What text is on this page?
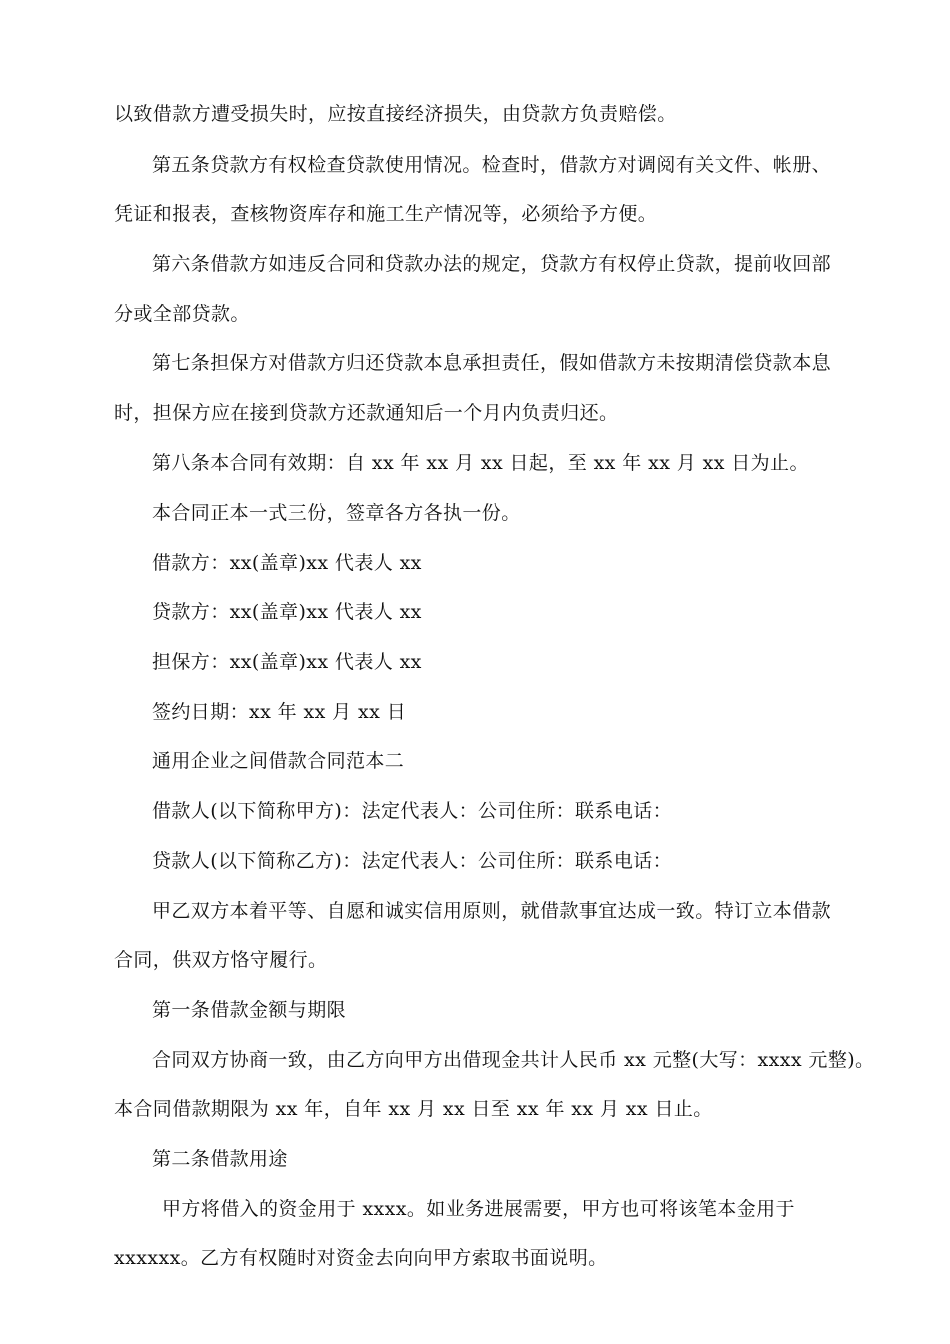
以致借款方遭受损失时，应按直接经济损失，由贷款方负责赔偿。
第五条贷款方有权检查贷款使用情况。检查时，借款方对调阅有关文件、帐册、
凭证和报表，查核物资库存和施工生产情况等，必须给予方便。
第六条借款方如违反合同和贷款办法的规定，贷款方有权停止贷款，提前收回部
分或全部贷款。
第七条担保方对借款方归还贷款本息承担责任，假如借款方未按期清偿贷款本息
时，担保方应在接到贷款方还款通知后一个月内负责归还。
第八条本合同有效期：自 xx 年 xx 月 xx 日起，至 xx 年 xx 月 xx 日为止。
本合同正本一式三份，签章各方各执一份。
借款方：xx(盖章)xx 代表人 xx
贷款方：xx(盖章)xx 代表人 xx
担保方：xx(盖章)xx 代表人 xx
签约日期：xx 年 xx 月 xx 日
通用企业之间借款合同范本二
借款人(以下简称甲方)：法定代表人：公司住所：联系电话：
贷款人(以下简称乙方)：法定代表人：公司住所：联系电话：
甲乙双方本着平等、自愿和诚实信用原则，就借款事宜达成一致。特订立本借款
合同，供双方恪守履行。
第一条借款金额与期限
合同双方协商一致，由乙方向甲方出借现金共计人民币 xx 元整(大写：xxxx 元整)。
本合同借款期限为 xx 年，自年 xx 月 xx 日至 xx 年 xx 月 xx 日止。
第二条借款用途
甲方将借入的资金用于 xxxx。如业务进展需要，甲方也可将该笔本金用于
xxxxxx。乙方有权随时对资金去向向甲方索取书面说明。
